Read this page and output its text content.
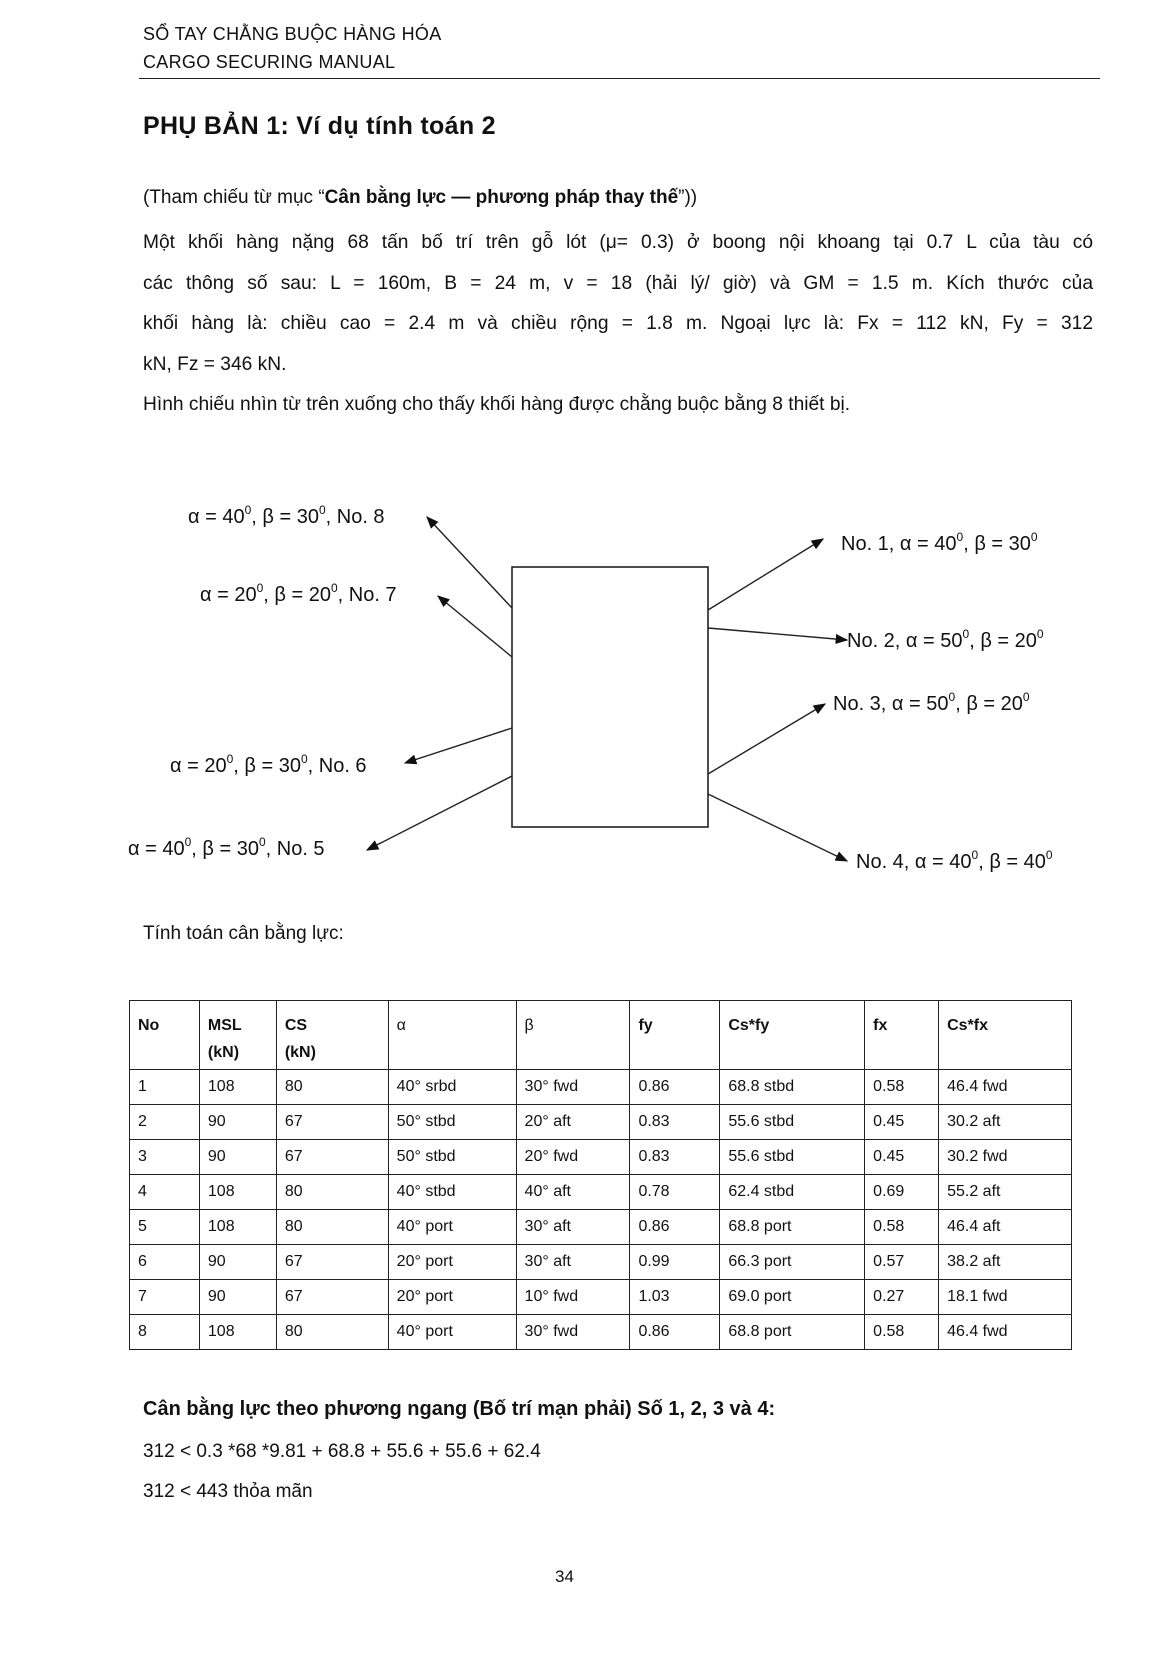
SỔ TAY CHẰNG BUỘC HÀNG HÓA
CARGO SECURING MANUAL
PHỤ BẢN 1: Ví dụ tính toán 2
(Tham chiếu từ mục “Cân bằng lực — phương pháp thay thế”))

Một khối hàng nặng 68 tấn bố trí trên gỗ lót (μ= 0.3) ở boong nội khoang tại 0.7 L của tàu có

các thông số sau: L = 160m, B = 24 m, v = 18 (hải lý/ giờ) và GM = 1.5 m. Kích thước của

khối hàng là: chiều cao = 2.4 m và chiều rộng = 1.8 m. Ngoại lực là: Fx = 112 kN, Fy = 312

kN, Fz = 346 kN.

Hình chiếu nhìn từ trên xuống cho thấy khối hàng được chằng buộc bằng 8 thiết bị.

$\alpha = 40^0$, $\beta = 30^0$, No. 8
$\alpha = 20^0$, $\beta = 20^0$, No. 7
$\alpha = 20^0$, $\beta = 30^0$, No. 6
$\alpha = 40^0$, $\beta = 30^0$, No. 5
No. 1, $\alpha = 40^0$, $\beta = 30^0$
No. 2, $\alpha = 50^0$, $\beta = 20^0$
No. 3, $\alpha = 50^0$, $\beta = 20^0$
No. 4, $\alpha = 40^0$, $\beta = 40^0$
Tính toán cân bằng lực:
No	MSL	CS	α	β	fy	Cs*fy	fx	Cs*fx
	(kN)	(kN)						
1	108	80	40° srbd	30° fwd	0.86	68.8 stbd	0.58	46.4 fwd
2	90	67	50° stbd	20° aft	0.83	55.6 stbd	0.45	30.2 aft
3	90	67	50° stbd	20° fwd	0.83	55.6 stbd	0.45	30.2 fwd
4	108	80	40° stbd	40° aft	0.78	62.4 stbd	0.69	55.2 aft
5	108	80	40° port	30° aft	0.86	68.8 port	0.58	46.4 aft
6	90	67	20° port	30° aft	0.99	66.3 port	0.57	38.2 aft
7	90	67	20° port	10° fwd	1.03	69.0 port	0.27	18.1 fwd
8	108	80	40° port	30° fwd	0.86	68.8 port	0.58	46.4 fwd
Cân bằng lực theo phương ngang (Bố trí mạn phải) Số 1, 2, 3 và 4:
312 < 0.3 *68 *9.81 + 68.8 + 55.6 + 55.6 + 62.4
312 < 443 thỏa mãn
34
